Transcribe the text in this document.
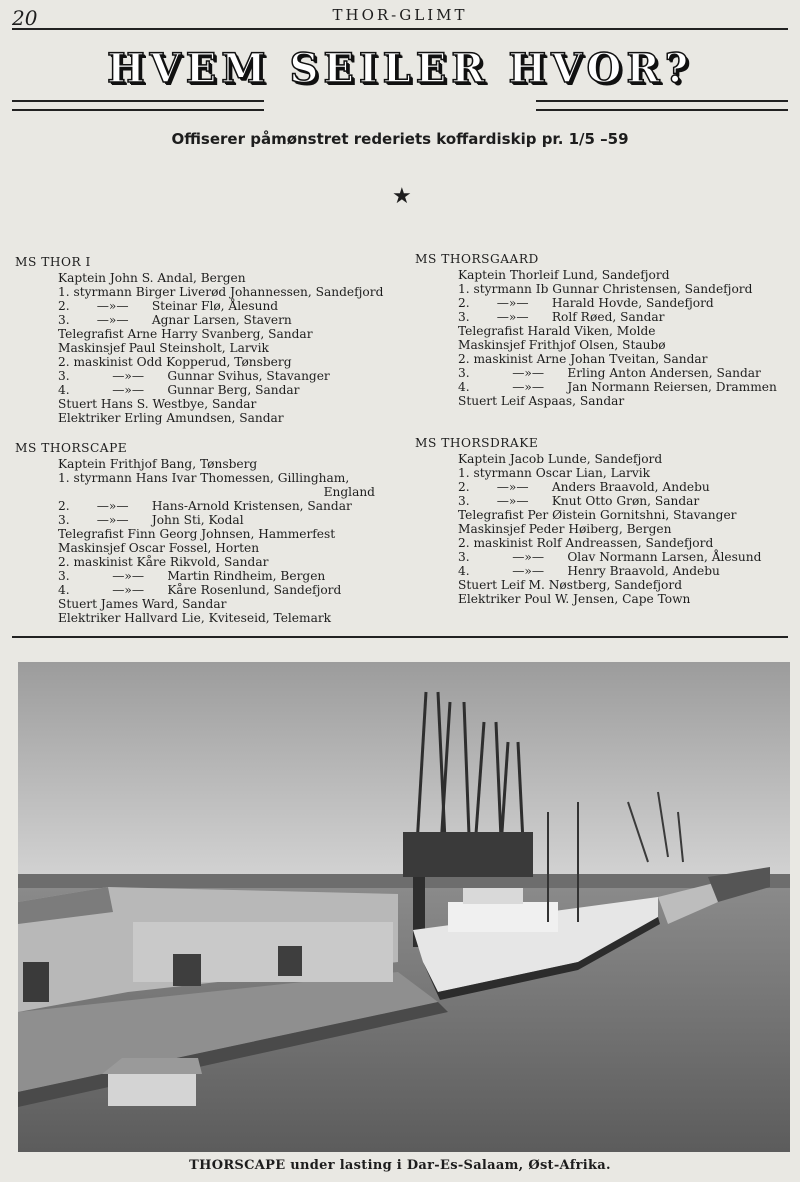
20	THOR-GLIMT
HVEM SEILER HVOR?
Offiserer påmønstret rederiets koffardiskip pr. 1/5 –59
★
MS THOR I
Kaptein John S. Andal, Bergen
1. styrmann Birger Liverød Johannessen, Sandefjord
2.       —»—      Steinar Flø, Ålesund
3.       —»—      Agnar Larsen, Stavern
Telegrafist Arne Harry Svanberg, Sandar
Maskinsjef Paul Steinsholt, Larvik
2. maskinist Odd Kopperud, Tønsberg
3.           —»—      Gunnar Svihus, Stavanger
4.           —»—      Gunnar Berg, Sandar
Stuert Hans S. Westbye, Sandar
Elektriker Erling Amundsen, Sandar
MS THORSCAPE
Kaptein Frithjof Bang, Tønsberg
1. styrmann Hans Ivar Thomessen, Gillingham,
England
2.       —»—      Hans-Arnold Kristensen, Sandar
3.       —»—      John Sti, Kodal
Telegrafist Finn Georg Johnsen, Hammerfest
Maskinsjef Oscar Fossel, Horten
2. maskinist Kåre Rikvold, Sandar
3.           —»—      Martin Rindheim, Bergen
4.           —»—      Kåre Rosenlund, Sandefjord
Stuert James Ward, Sandar
Elektriker Hallvard Lie, Kviteseid, Telemark
MS THORSGAARD
Kaptein Thorleif Lund, Sandefjord
1. styrmann Ib Gunnar Christensen, Sandefjord
2.       —»—      Harald Hovde, Sandefjord
3.       —»—      Rolf Røed, Sandar
Telegrafist Harald Viken, Molde
Maskinsjef Frithjof Olsen, Staubø
2. maskinist Arne Johan Tveitan, Sandar
3.           —»—      Erling Anton Andersen, Sandar
4.           —»—      Jan Normann Reiersen, Drammen
Stuert Leif Aspaas, Sandar
MS THORSDRAKE
Kaptein Jacob Lunde, Sandefjord
1. styrmann Oscar Lian, Larvik
2.       —»—      Anders Braavold, Andebu
3.       —»—      Knut Otto Grøn, Sandar
Telegrafist Per Øistein Gornitshni, Stavanger
Maskinsjef Peder Høiberg, Bergen
2. maskinist Rolf Andreassen, Sandefjord
3.           —»—      Olav Normann Larsen, Ålesund
4.           —»—      Henry Braavold, Andebu
Stuert Leif M. Nøstberg, Sandefjord
Elektriker Poul W. Jensen, Cape Town
THORSCAPE under lasting i Dar-Es-Salaam, Øst-Afrika.
